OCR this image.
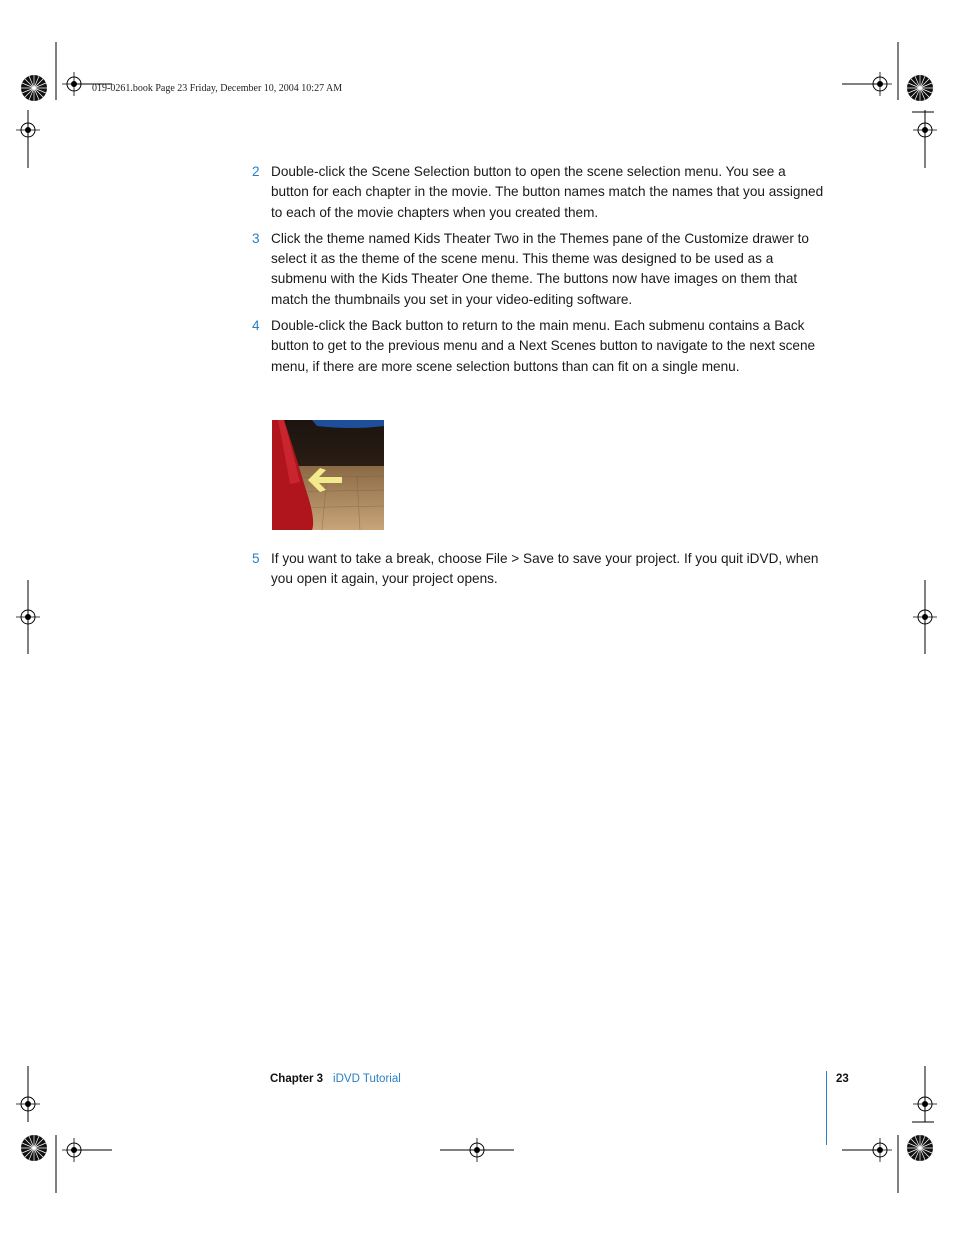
019-0261.book Page 23 Friday, December 10, 2004 10:27 AM
2 Double-click the Scene Selection button to open the scene selection menu. You see a button for each chapter in the movie. The button names match the names that you assigned to each of the movie chapters when you created them.
3 Click the theme named Kids Theater Two in the Themes pane of the Customize drawer to select it as the theme of the scene menu. This theme was designed to be used as a submenu with the Kids Theater One theme. The buttons now have images on them that match the thumbnails you set in your video-editing software.
4 Double-click the Back button to return to the main menu. Each submenu contains a Back button to get to the previous menu and a Next Scenes button to navigate to the next scene menu, if there are more scene selection buttons than can fit on a single menu.
5 If you want to take a break, choose File > Save to save your project. If you quit iDVD, when you open it again, your project opens.
Chapter 3 iDVD Tutorial	23
